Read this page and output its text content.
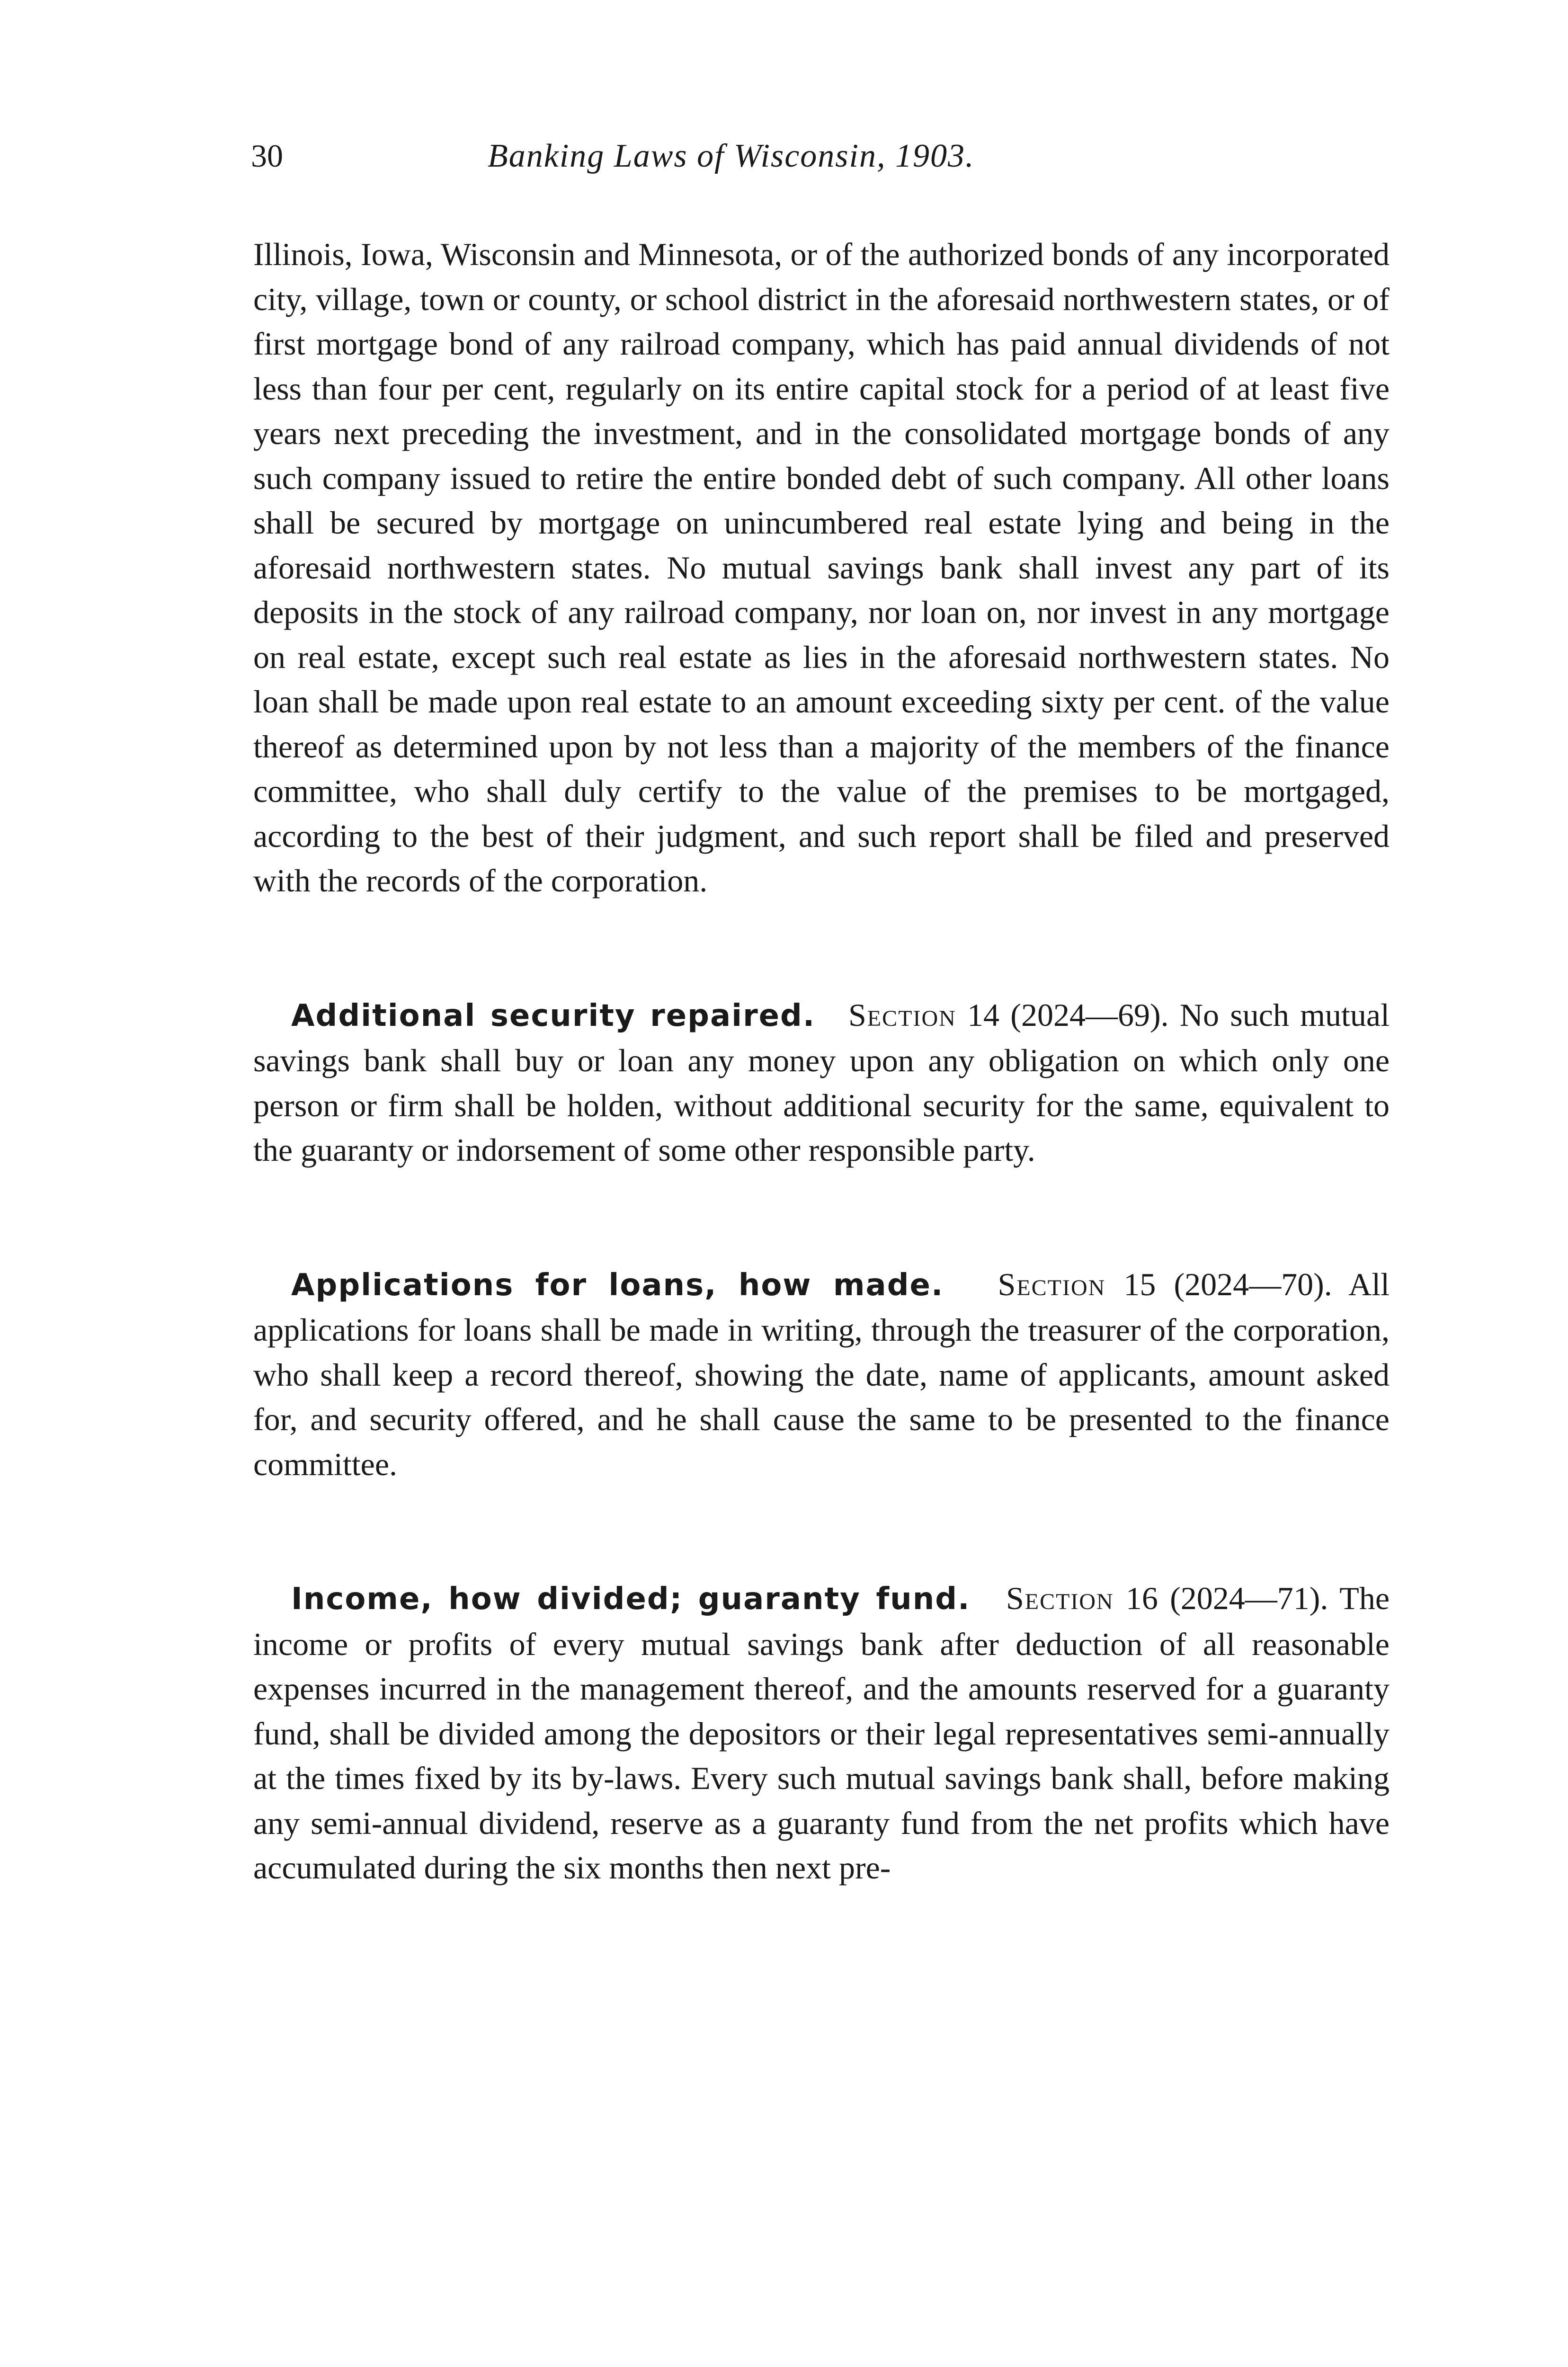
30	Banking Laws of Wisconsin, 1903.

Illinois, Iowa, Wisconsin and Minnesota, or of the authorized bonds of any incorporated city, village, town or county, or school district in the aforesaid northwestern states, or of first mortgage bond of any railroad company, which has paid annual dividends of not less than four per cent, regularly on its entire capital stock for a period of at least five years next preceding the investment, and in the consolidated mortgage bonds of any such company issued to retire the entire bonded debt of such company. All other loans shall be secured by mortgage on unincumbered real estate lying and being in the aforesaid northwestern states. No mutual savings bank shall invest any part of its deposits in the stock of any railroad company, nor loan on, nor invest in any mortgage on real estate, except such real estate as lies in the aforesaid northwestern states. No loan shall be made upon real estate to an amount exceeding sixty per cent. of the value thereof as determined upon by not less than a majority of the members of the finance committee, who shall duly certify to the value of the premises to be mortgaged, according to the best of their judgment, and such report shall be filed and preserved with the records of the corporation.

Additional security repaired. Section 14 (2024—69). No such mutual savings bank shall buy or loan any money upon any obligation on which only one person or firm shall be holden, without additional security for the same, equivalent to the guaranty or indorsement of some other responsible party.

Applications for loans, how made. Section 15 (2024—70). All applications for loans shall be made in writing, through the treasurer of the corporation, who shall keep a record thereof, showing the date, name of applicants, amount asked for, and security offered, and he shall cause the same to be presented to the finance committee.

Income, how divided; guaranty fund. Section 16 (2024—71). The income or profits of every mutual savings bank after deduction of all reasonable expenses incurred in the management thereof, and the amounts reserved for a guaranty fund, shall be divided among the depositors or their legal representatives semi-annually at the times fixed by its by-laws. Every such mutual savings bank shall, before making any semi-annual dividend, reserve as a guaranty fund from the net profits which have accumulated during the six months then next pre-
